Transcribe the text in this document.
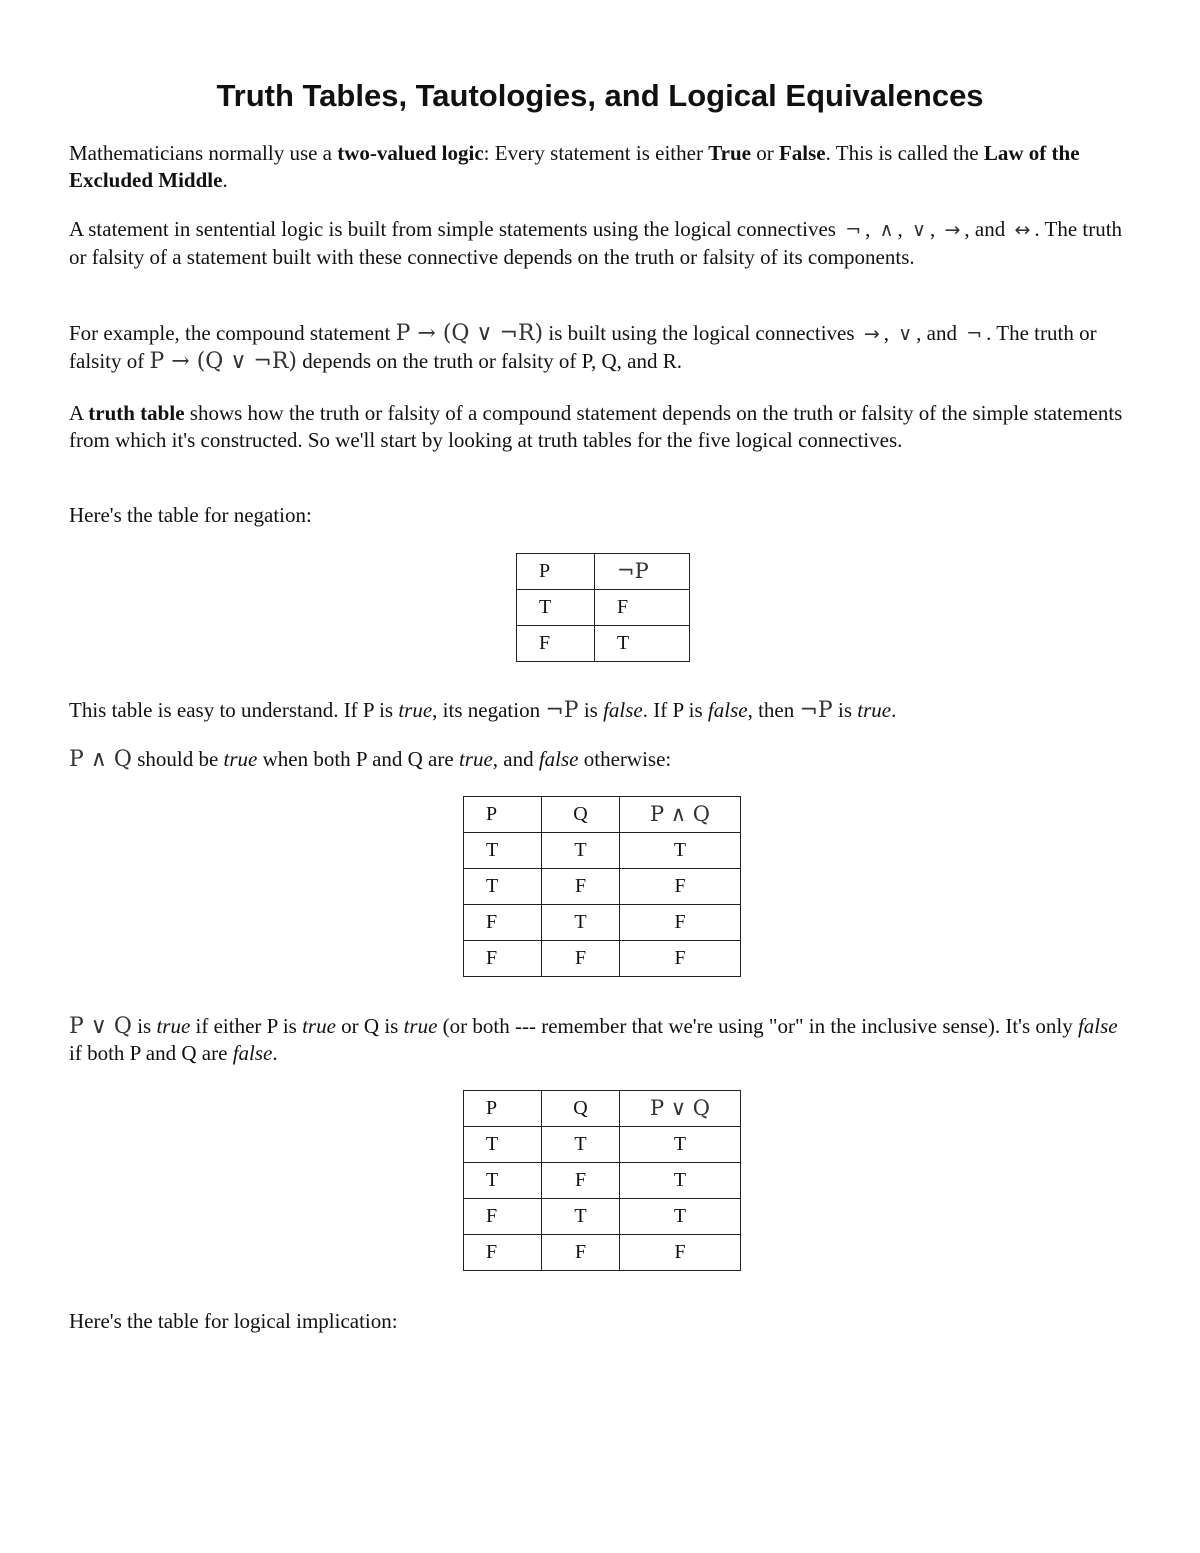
Truth Tables, Tautologies, and Logical Equivalences

Mathematicians normally use a two-valued logic: Every statement is either True or False. This is called the Law of the Excluded Middle.

A statement in sentential logic is built from simple statements using the logical connectives ¬ , ∧ , ∨ , → , and ↔ . The truth or falsity of a statement built with these connective depends on the truth or falsity of its components.

For example, the compound statement P → (Q ∨ ¬R) is built using the logical connectives → , ∨ , and ¬ . The truth or falsity of P → (Q ∨ ¬R) depends on the truth or falsity of P, Q, and R.

A truth table shows how the truth or falsity of a compound statement depends on the truth or falsity of the simple statements from which it's constructed. So we'll start by looking at truth tables for the five logical connectives.

Here's the table for negation:

P	¬P
T	F
F	T

This table is easy to understand. If P is true, its negation ¬P is false. If P is false, then ¬P is true.

P ∧ Q should be true when both P and Q are true, and false otherwise:

P	Q	P ∧ Q
T	T	T
T	F	F
F	T	F
F	F	F

P ∨ Q is true if either P is true or Q is true (or both --- remember that we're using "or" in the inclusive sense). It's only false if both P and Q are false.

P	Q	P ∨ Q
T	T	T
T	F	T
F	T	T
F	F	F

Here's the table for logical implication:
